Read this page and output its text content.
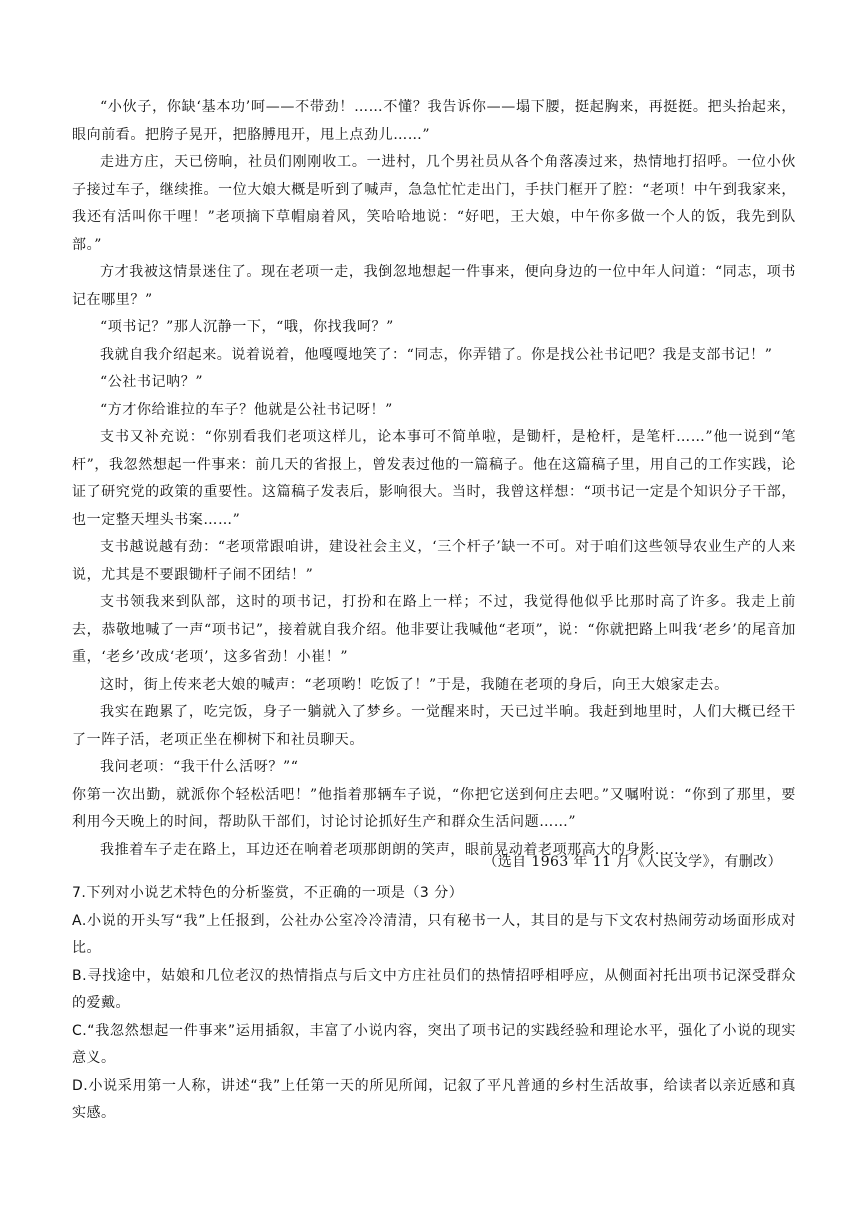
“小伙子，你缺‘基本功’呵——不带劲！……不懂？我告诉你——塌下腰，挺起胸来，再挺挺。把头抬起来，眼向前看。把胯子晃开，把胳膊甩开，甩上点劲儿……”

走进方庄，天已傍晌，社员们刚刚收工。一进村，几个男社员从各个角落凑过来，热情地打招呼。一位小伙子接过车子，继续推。一位大娘大概是听到了喊声，急急忙忙走出门，手扶门框开了腔：“老项！中午到我家来，我还有活叫你干哩！”老项摘下草帽扇着风，笑哈哈地说：“好吧，王大娘，中午你多做一个人的饭，我先到队部。”

方才我被这情景迷住了。现在老项一走，我倒忽地想起一件事来，便向身边的一位中年人问道：“同志，项书记在哪里？”

“项书记？”那人沉静一下，“哦，你找我呵？”

我就自我介绍起来。说着说着，他嘎嘎地笑了：“同志，你弄错了。你是找公社书记吧？我是支部书记！”

“公社书记呐？”

“方才你给谁拉的车子？他就是公社书记呀！”

支书又补充说：“你别看我们老项这样儿，论本事可不简单啦，是锄杆，是枪杆，是笔杆……”他一说到“笔杆”，我忽然想起一件事来：前几天的省报上，曾发表过他的一篇稿子。他在这篇稿子里，用自己的工作实践，论证了研究党的政策的重要性。这篇稿子发表后，影响很大。当时，我曾这样想：“项书记一定是个知识分子干部，也一定整天埋头书案……”

支书越说越有劲：“老项常跟咱讲，建设社会主义，‘三个杆子’缺一不可。对于咱们这些领导农业生产的人来说，尤其是不要跟锄杆子闹不团结！”

支书领我来到队部，这时的项书记，打扮和在路上一样；不过，我觉得他似乎比那时高了许多。我走上前去，恭敬地喊了一声“项书记”，接着就自我介绍。他非要让我喊他“老项”，说：“你就把路上叫我‘老乡’的尾音加重，‘老乡’改成‘老项’，这多省劲！小崔！”

这时，街上传来老大娘的喊声：“老项哟！吃饭了！”于是，我随在老项的身后，向王大娘家走去。

我实在跑累了，吃完饭，身子一躺就入了梦乡。一觉醒来时，天已过半晌。我赶到地里时，人们大概已经干了一阵子活，老项正坐在柳树下和社员聊天。

我问老项：“我干什么活呀？”“

你第一次出勤，就派你个轻松活吧！”他指着那辆车子说，“你把它送到何庄去吧。”又嘱咐说：“你到了那里，要利用今天晚上的时间，帮助队干部们，讨论讨论抓好生产和群众生活问题……”

我推着车子走在路上，耳边还在响着老项那朗朗的笑声，眼前晃动着老项那高大的身影……

（选自 1963 年 11 月《人民文学》，有删改）

7.下列对小说艺术特色的分析鉴赏，不正确的一项是（3 分）

A.小说的开头写“我”上任报到，公社办公室冷冷清清，只有秘书一人，其目的是与下文农村热闹劳动场面形成对比。

B.寻找途中，姑娘和几位老汉的热情指点与后文中方庄社员们的热情招呼相呼应，从侧面衬托出项书记深受群众的爱戴。

C.“我忽然想起一件事来”运用插叙，丰富了小说内容，突出了项书记的实践经验和理论水平，强化了小说的现实意义。

D.小说采用第一人称，讲述“我”上任第一天的所见所闻，记叙了平凡普通的乡村生活故事，给读者以亲近感和真实感。
